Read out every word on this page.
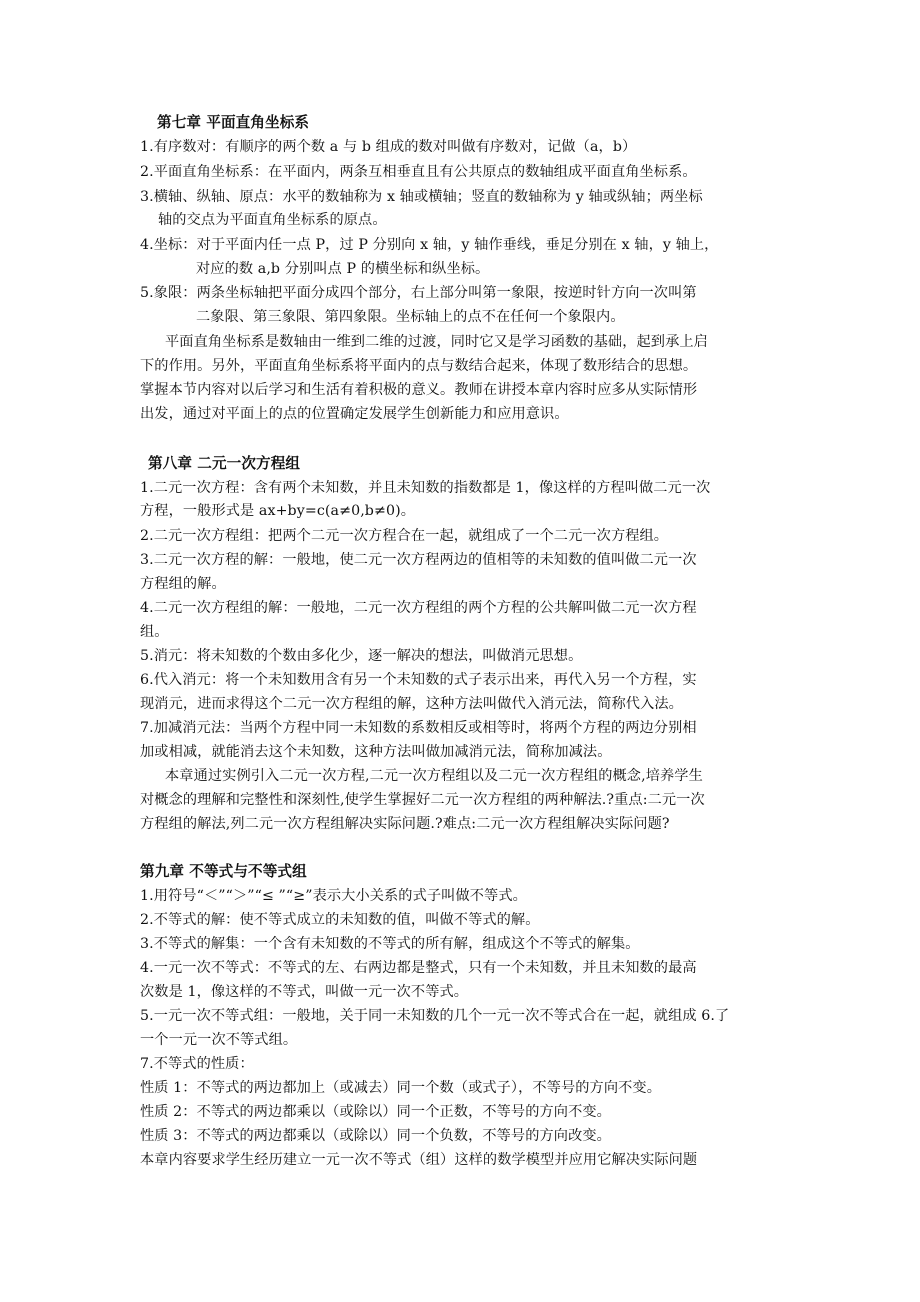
第七章 平面直角坐标系
1.有序数对：有顺序的两个数 a 与 b 组成的数对叫做有序数对，记做（a，b）
2.平面直角坐标系：在平面内，两条互相垂直且有公共原点的数轴组成平面直角坐标系。
3.横轴、纵轴、原点：水平的数轴称为 x 轴或横轴；竖直的数轴称为 y 轴或纵轴；两坐标
轴的交点为平面直角坐标系的原点。
4.坐标：对于平面内任一点 P，过 P 分别向 x 轴，y 轴作垂线，垂足分别在 x 轴，y 轴上，
对应的数 a,b 分别叫点 P 的横坐标和纵坐标。
5.象限：两条坐标轴把平面分成四个部分，右上部分叫第一象限，按逆时针方向一次叫第
二象限、第三象限、第四象限。坐标轴上的点不在任何一个象限内。
平面直角坐标系是数轴由一维到二维的过渡，同时它又是学习函数的基础，起到承上启
下的作用。另外，平面直角坐标系将平面内的点与数结合起来，体现了数形结合的思想。
掌握本节内容对以后学习和生活有着积极的意义。教师在讲授本章内容时应多从实际情形
出发，通过对平面上的点的位置确定发展学生创新能力和应用意识。
第八章 二元一次方程组
1.二元一次方程：含有两个未知数，并且未知数的指数都是 1，像这样的方程叫做二元一次
方程，一般形式是 ax+by=c(a≠0,b≠0)。
2.二元一次方程组：把两个二元一次方程合在一起，就组成了一个二元一次方程组。
3.二元一次方程的解：一般地，使二元一次方程两边的值相等的未知数的值叫做二元一次
方程组的解。
4.二元一次方程组的解：一般地，二元一次方程组的两个方程的公共解叫做二元一次方程
组。
5.消元：将未知数的个数由多化少，逐一解决的想法，叫做消元思想。
6.代入消元：将一个未知数用含有另一个未知数的式子表示出来，再代入另一个方程，实
现消元，进而求得这个二元一次方程组的解，这种方法叫做代入消元法，简称代入法。
7.加减消元法：当两个方程中同一未知数的系数相反或相等时，将两个方程的两边分别相
加或相减，就能消去这个未知数，这种方法叫做加减消元法，简称加减法。
本章通过实例引入二元一次方程,二元一次方程组以及二元一次方程组的概念,培养学生
对概念的理解和完整性和深刻性,使学生掌握好二元一次方程组的两种解法.?重点:二元一次
方程组的解法,列二元一次方程组解决实际问题.?难点:二元一次方程组解决实际问题?
第九章 不等式与不等式组
1.用符号“＜”“＞”“≤ ”“≥”表示大小关系的式子叫做不等式。
2.不等式的解：使不等式成立的未知数的值，叫做不等式的解。
3.不等式的解集：一个含有未知数的不等式的所有解，组成这个不等式的解集。
4.一元一次不等式：不等式的左、右两边都是整式，只有一个未知数，并且未知数的最高
次数是 1，像这样的不等式，叫做一元一次不等式。
5.一元一次不等式组：一般地，关于同一未知数的几个一元一次不等式合在一起，就组成 6.了
一个一元一次不等式组。
7.不等式的性质：
性质 1：不等式的两边都加上（或减去）同一个数（或式子），不等号的方向不变。
性质 2：不等式的两边都乘以（或除以）同一个正数，不等号的方向不变。
性质 3：不等式的两边都乘以（或除以）同一个负数，不等号的方向改变。
本章内容要求学生经历建立一元一次不等式（组）这样的数学模型并应用它解决实际问题
